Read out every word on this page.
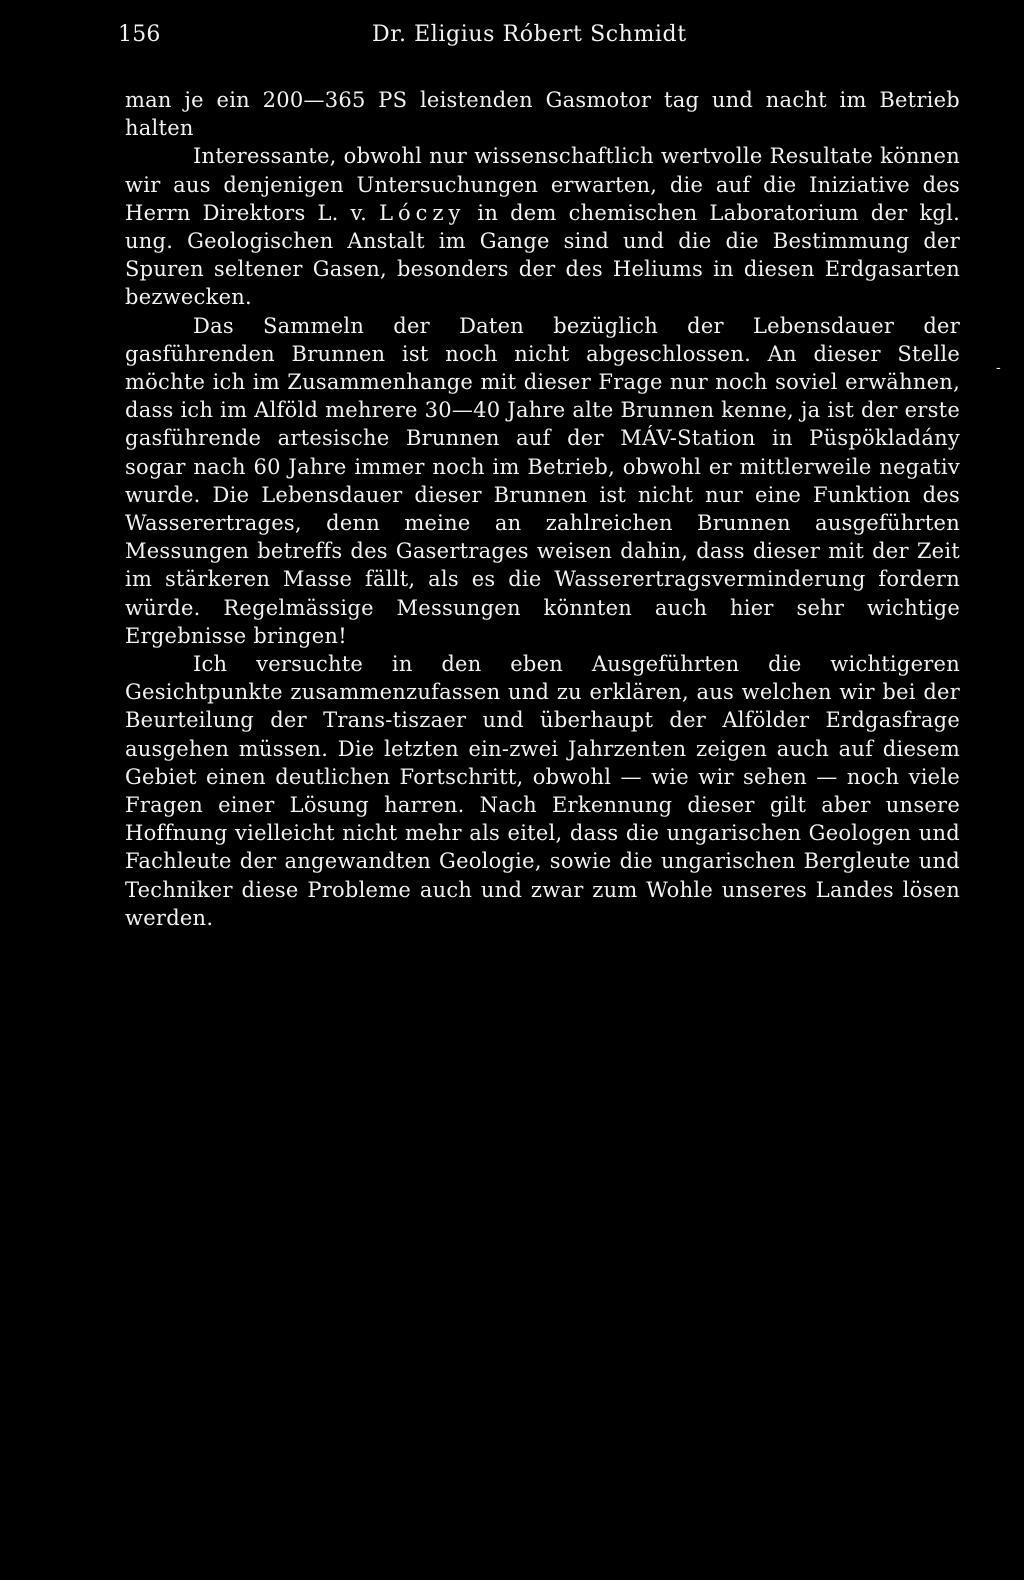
156	Dr. Eligius Róbert Schmidt
-

man je ein 200—365 PS leistenden Gasmotor tag und nacht im Betrieb halten

Interessante, obwohl nur wissenschaftlich wertvolle Resultate können wir aus denjenigen Untersuchungen erwarten, die auf die Iniziative des Herrn Direktors L. v. Lóczy in dem chemischen Laboratorium der kgl. ung. Geologischen Anstalt im Gange sind und die die Bestimmung der Spuren seltener Gasen, besonders der des Heliums in diesen Erdgasarten bezwecken.

Das Sammeln der Daten bezüglich der Lebensdauer der gasführenden Brunnen ist noch nicht abgeschlossen. An dieser Stelle möchte ich im Zusammenhange mit dieser Frage nur noch soviel erwähnen, dass ich im Alföld mehrere 30—40 Jahre alte Brunnen kenne, ja ist der erste gasführende artesische Brunnen auf der MÁV-Station in Püspökladány sogar nach 60 Jahre immer noch im Betrieb, obwohl er mittlerweile negativ wurde. Die Lebensdauer dieser Brunnen ist nicht nur eine Funktion des Wasserertrages, denn meine an zahlreichen Brunnen ausgeführten Messungen betreffs des Gasertrages weisen dahin, dass dieser mit der Zeit im stärkeren Masse fällt, als es die Wasserertragsverminderung fordern würde. Regelmässige Messungen könnten auch hier sehr wichtige Ergebnisse bringen!

Ich versuchte in den eben Ausgeführten die wichtigeren Gesichtpunkte zusammenzufassen und zu erklären, aus welchen wir bei der Beurteilung der Trans-tiszaer und überhaupt der Alfölder Erdgasfrage ausgehen müssen. Die letzten ein-zwei Jahrzenten zeigen auch auf diesem Gebiet einen deutlichen Fortschritt, obwohl — wie wir sehen — noch viele Fragen einer Lösung harren. Nach Erkennung dieser gilt aber unsere Hoffnung vielleicht nicht mehr als eitel, dass die ungarischen Geologen und Fachleute der angewandten Geologie, sowie die ungarischen Bergleute und Techniker diese Probleme auch und zwar zum Wohle unseres Landes lösen werden.
